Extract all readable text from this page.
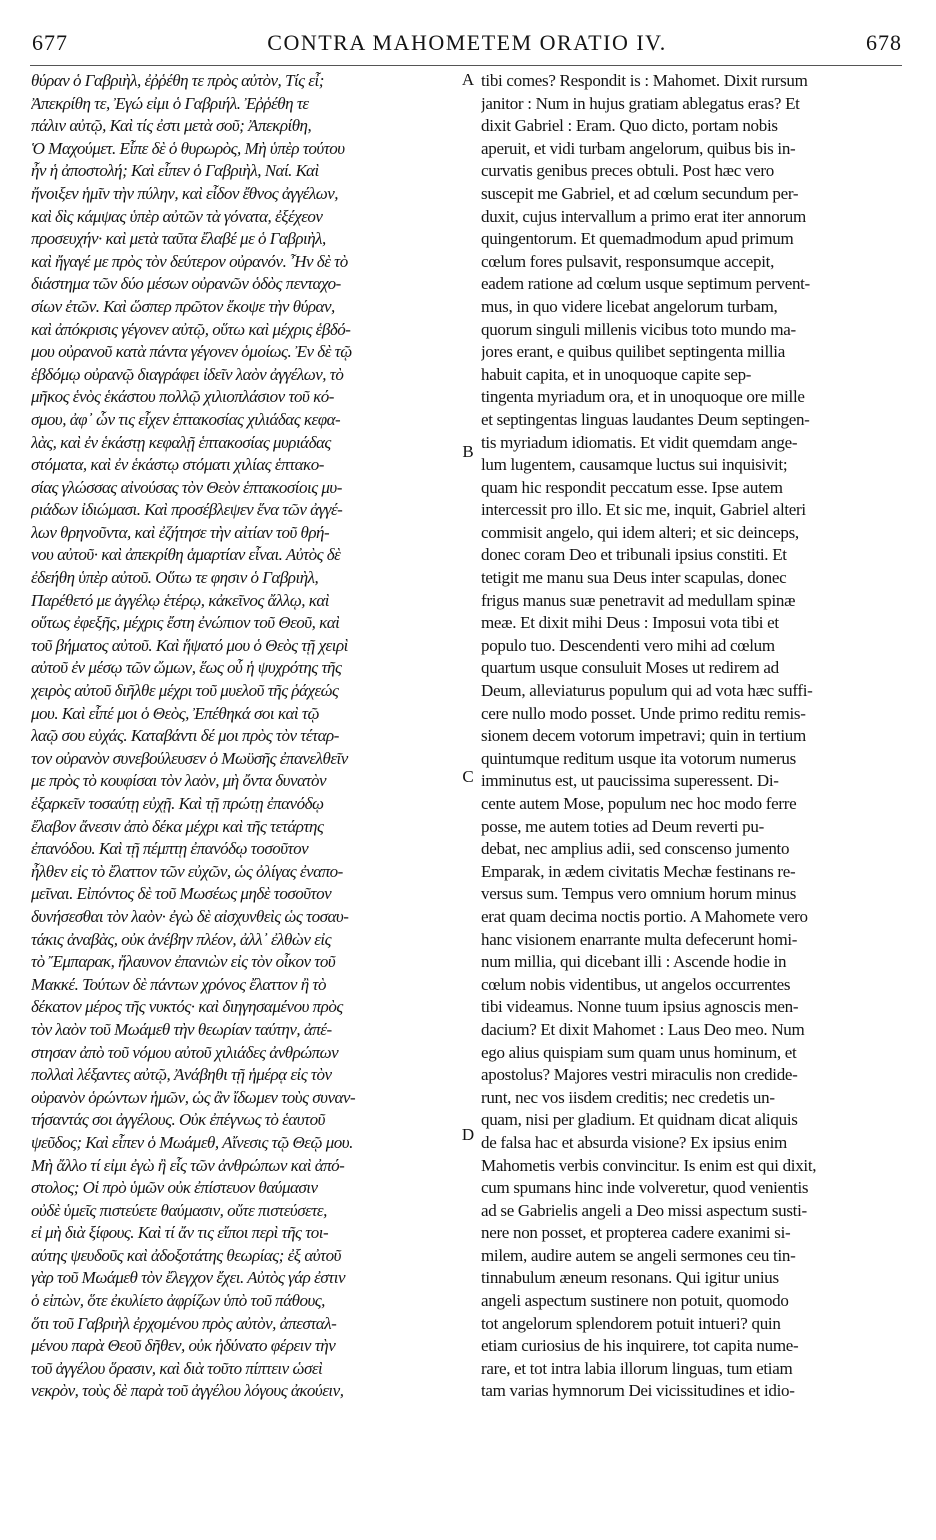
677	CONTRA MAHOMETEM ORATIO IV.	678
θύραν ὁ Γαβριὴλ, ἐῤῥέθη τε πρὸς αὐτὸν, Τίς εἶ;
Ἀπεκρίθη τε, Ἐγώ εἰμι ὁ Γαβριήλ. Ἐῤῥέθη τε
πάλιν αὐτῷ, Καὶ τίς ἐστι μετὰ σοῦ; Ἀπεκρίθη,
Ὁ Μαχούμετ. Εἶπε δὲ ὁ θυρωρὸς, Μὴ ὑπὲρ τούτου
ἦν ἡ ἀποστολή; Καὶ εἶπεν ὁ Γαβριὴλ, Ναί. Καὶ
ἤνοιξεν ἡμῖν τὴν πύλην, καὶ εἶδον ἔθνος ἀγγέλων,
καὶ δὶς κάμψας ὑπὲρ αὐτῶν τὰ γόνατα, ἐξέχεον
προσευχήν· καὶ μετὰ ταῦτα ἔλαβέ με ὁ Γαβριὴλ,
καὶ ἤγαγέ με πρὸς τὸν δεύτερον οὐρανόν. Ἦν δὲ τὸ
διάστημα τῶν δύο μέσων οὐρανῶν ὁδὸς πενταχο-
σίων ἐτῶν. Καὶ ὥσπερ πρῶτον ἔκοψε τὴν θύραν,
καὶ ἀπόκρισις γέγονεν αὐτῷ, οὕτω καὶ μέχρις ἑβδό-
μου οὐρανοῦ κατὰ πάντα γέγονεν ὁμοίως. Ἐν δὲ τῷ
ἑβδόμῳ οὐρανῷ διαγράφει ἰδεῖν λαὸν ἀγγέλων, τὸ
μῆκος ἑνὸς ἑκάστου πολλῷ χιλιοπλάσιον τοῦ κό-
σμου, ἀφ᾽ ὧν τις εἶχεν ἑπτακοσίας χιλιάδας κεφα-
λὰς, καὶ ἐν ἑκάστῃ κεφαλῇ ἑπτακοσίας μυριάδας
στόματα, καὶ ἐν ἑκάστῳ στόματι χιλίας ἑπτακο-
σίας γλώσσας αἰνούσας τὸν Θεὸν ἑπτακοσίοις μυ-
ριάδων ἰδιώμασι. Καὶ προσέβλεψεν ἕνα τῶν ἀγγέ-
λων θρηνοῦντα, καὶ ἐζήτησε τὴν αἰτίαν τοῦ θρή-
νου αὐτοῦ· καὶ ἀπεκρίθη ἁμαρτίαν εἶναι. Αὐτὸς δὲ
ἐδεήθη ὑπὲρ αὐτοῦ. Οὕτω τε φησιν ὁ Γαβριὴλ,
Παρέθετό με ἀγγέλῳ ἑτέρῳ, κἀκεῖνος ἄλλῳ, καὶ
οὕτως ἐφεξῆς, μέχρις ἔστη ἐνώπιον τοῦ Θεοῦ, καὶ
τοῦ βήματος αὐτοῦ. Καὶ ἥψατό μου ὁ Θεὸς τῇ χειρὶ
αὐτοῦ ἐν μέσῳ τῶν ὤμων, ἕως οὗ ἡ ψυχρότης τῆς
χειρὸς αὐτοῦ διῆλθε μέχρι τοῦ μυελοῦ τῆς ῥάχεώς
μου. Καὶ εἶπέ μοι ὁ Θεὸς, Ἐπέθηκά σοι καὶ τῷ
λαῷ σου εὐχάς. Καταβάντι δέ μοι πρὸς τὸν τέταρ-
τον οὐρανὸν συνεβούλευσεν ὁ Μωϋσῆς ἐπανελθεῖν
με πρὸς τὸ κουφίσαι τὸν λαὸν, μὴ ὄντα δυνατὸν
ἐξαρκεῖν τοσαύτῃ εὐχῇ. Καὶ τῇ πρώτῃ ἐπανόδῳ
ἔλαβον ἄνεσιν ἀπὸ δέκα μέχρι καὶ τῆς τετάρτης
ἐπανόδου. Καὶ τῇ πέμπτῃ ἐπανόδῳ τοσοῦτον
ἦλθεν εἰς τὸ ἔλαττον τῶν εὐχῶν, ὡς ὀλίγας ἐναπο-
μεῖναι. Εἰπόντος δὲ τοῦ Μωσέως μηδὲ τοσοῦτον
δυνήσεσθαι τὸν λαὸν· ἐγὼ δὲ αἰσχυνθεὶς ὡς τοσαυ-
τάκις ἀναβὰς, οὐκ ἀνέβην πλέον, ἀλλ᾽ ἐλθὼν εἰς
τὸ Ἔμπαρακ, ἤλαυνον ἐπανιὼν εἰς τὸν οἶκον τοῦ
Μακκέ. Τούτων δὲ πάντων χρόνος ἔλαττον ἢ τὸ
δέκατον μέρος τῆς νυκτός· καὶ διηγησαμένου πρὸς
τὸν λαὸν τοῦ Μωάμεθ τὴν θεωρίαν ταύτην, ἀπέ-
στησαν ἀπὸ τοῦ νόμου αὐτοῦ χιλιάδες ἀνθρώπων
πολλαὶ λέξαντες αὐτῷ, Ἀνάβηθι τῇ ἡμέρᾳ εἰς τὸν
οὐρανὸν ὁρώντων ἡμῶν, ὡς ἂν ἴδωμεν τοὺς συναν-
τήσαντάς σοι ἀγγέλους. Οὐκ ἐπέγνως τὸ ἑαυτοῦ
ψεῦδος; Καὶ εἶπεν ὁ Μωάμεθ, Αἴνεσις τῷ Θεῷ μου.
Μὴ ἄλλο τί εἰμι ἐγὼ ἢ εἷς τῶν ἀνθρώπων καὶ ἀπό-
στολος; Οἱ πρὸ ὑμῶν οὐκ ἐπίστευον θαύμασιν
οὐδὲ ὑμεῖς πιστεύετε θαύμασιν, οὔτε πιστεύσετε,
εἰ μὴ διὰ ξίφους. Καὶ τί ἄν τις εἴποι περὶ τῆς τοι-
αύτης ψευδοῦς καὶ ἀδοξοτάτης θεωρίας; ἐξ αὐτοῦ
γὰρ τοῦ Μωάμεθ τὸν ἔλεγχον ἔχει. Αὐτὸς γάρ ἐστιν
ὁ εἰπὼν, ὅτε ἐκυλίετο ἀφρίζων ὑπὸ τοῦ πάθους,
ὅτι τοῦ Γαβριὴλ ἐρχομένου πρὸς αὐτὸν, ἀπεσταλ-
μένου παρὰ Θεοῦ δῆθεν, οὐκ ἠδύνατο φέρειν τὴν
τοῦ ἀγγέλου ὅρασιν, καὶ διὰ τοῦτο πίπτειν ὡσεὶ
νεκρὸν, τοὺς δὲ παρὰ τοῦ ἀγγέλου λόγους ἀκούειν,
A
B
C
D
tibi comes? Respondit is : Mahomet. Dixit rursum
janitor : Num in hujus gratiam ablegatus eras? Et
dixit Gabriel : Eram. Quo dicto, portam nobis
aperuit, et vidi turbam angelorum, quibus bis in-
curvatis genibus preces obtuli. Post hæc vero
suscepit me Gabriel, et ad cœlum secundum per-
duxit, cujus intervallum a primo erat iter annorum
quingentorum. Et quemadmodum apud primum
cœlum fores pulsavit, responsumque accepit,
eadem ratione ad cœlum usque septimum pervent-
mus, in quo videre licebat angelorum turbam,
quorum singuli millenis vicibus toto mundo ma-
jores erant, e quibus quilibet septingenta millia
habuit capita, et in unoquoque capite sep-
tingenta myriadum ora, et in unoquoque ore mille
et septingentas linguas laudantes Deum septingen-
tis myriadum idiomatis. Et vidit quemdam ange-
lum lugentem, causamque luctus sui inquisivit;
quam hic respondit peccatum esse. Ipse autem
intercessit pro illo. Et sic me, inquit, Gabriel alteri
commisit angelo, qui idem alteri; et sic deinceps,
donec coram Deo et tribunali ipsius constiti. Et
tetigit me manu sua Deus inter scapulas, donec
frigus manus suæ penetravit ad medullam spinæ
meæ. Et dixit mihi Deus : Imposui vota tibi et
populo tuo. Descendenti vero mihi ad cœlum
quartum usque consuluit Moses ut redirem ad
Deum, alleviaturus populum qui ad vota hæc suffi-
cere nullo modo posset. Unde primo reditu remis-
sionem decem votorum impetravi; quin in tertium
quintumque reditum usque ita votorum numerus
imminutus est, ut paucissima superessent. Di-
cente autem Mose, populum nec hoc modo ferre
posse, me autem toties ad Deum reverti pu-
debat, nec amplius adii, sed conscenso jumento
Emparak, in ædem civitatis Mechæ festinans re-
versus sum. Tempus vero omnium horum minus
erat quam decima noctis portio. A Mahomete vero
hanc visionem enarrante multa defecerunt homi-
num millia, qui dicebant illi : Ascende hodie in
cœlum nobis videntibus, ut angelos occurrentes
tibi videamus. Nonne tuum ipsius agnoscis men-
dacium? Et dixit Mahomet : Laus Deo meo. Num
ego alius quispiam sum quam unus hominum, et
apostolus? Majores vestri miraculis non credide-
runt, nec vos iisdem creditis; nec credetis un-
quam, nisi per gladium. Et quidnam dicat aliquis
de falsa hac et absurda visione? Ex ipsius enim
Mahometis verbis convincitur. Is enim est qui dixit,
cum spumans hinc inde volveretur, quod venientis
ad se Gabrielis angeli a Deo missi aspectum susti-
nere non posset, et propterea cadere exanimi si-
milem, audire autem se angeli sermones ceu tin-
tinnabulum æneum resonans. Qui igitur unius
angeli aspectum sustinere non potuit, quomodo
tot angelorum splendorem potuit intueri? quin
etiam curiosius de his inquirere, tot capita nume-
rare, et tot intra labia illorum linguas, tum etiam
tam varias hymnorum Dei vicissitudines et idio-
